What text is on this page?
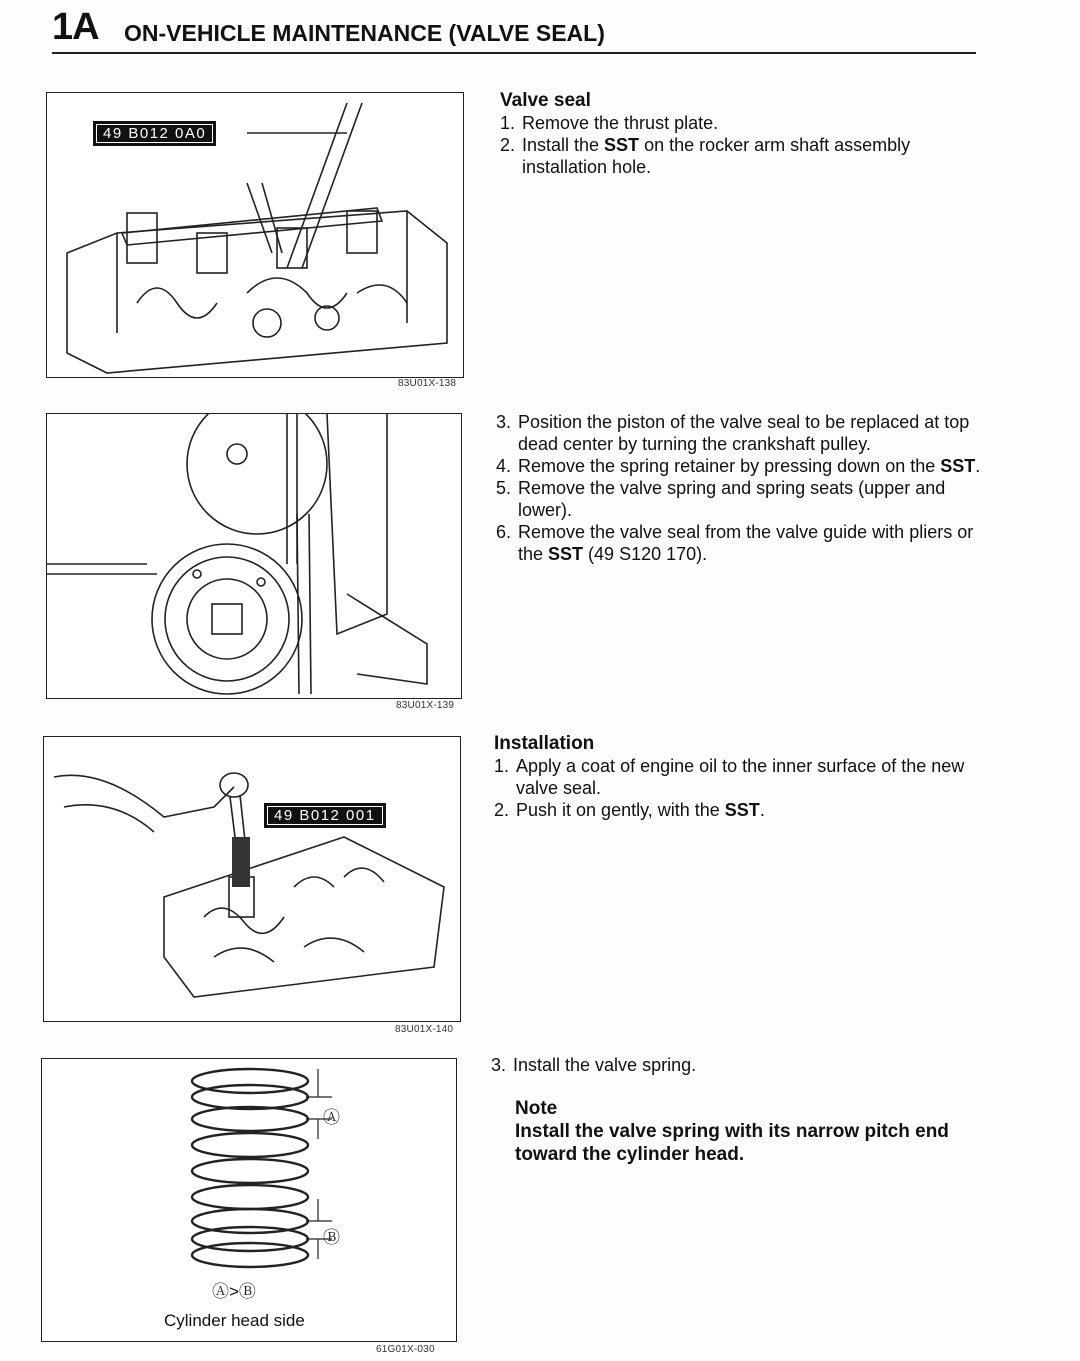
1A ON-VEHICLE MAINTENANCE (VALVE SEAL)
49 B012 0A0
83U01X-138
83U01X-139
49 B012 001
83U01X-140
Ⓐ
Ⓑ
Ⓐ>Ⓑ
Cylinder head side
61G01X-030
Valve seal
1. Remove the thrust plate.
2. Install the SST on the rocker arm shaft assembly installation hole.
3. Position the piston of the valve seal to be replaced at top dead center by turning the crankshaft pulley.
4. Remove the spring retainer by pressing down on the SST.
5. Remove the valve spring and spring seats (upper and lower).
6. Remove the valve seal from the valve guide with pliers or the SST (49 S120 170).
Installation
1. Apply a coat of engine oil to the inner surface of the new valve seal.
2. Push it on gently, with the SST.
3. Install the valve spring.
Note
Install the valve spring with its narrow pitch end toward the cylinder head.
